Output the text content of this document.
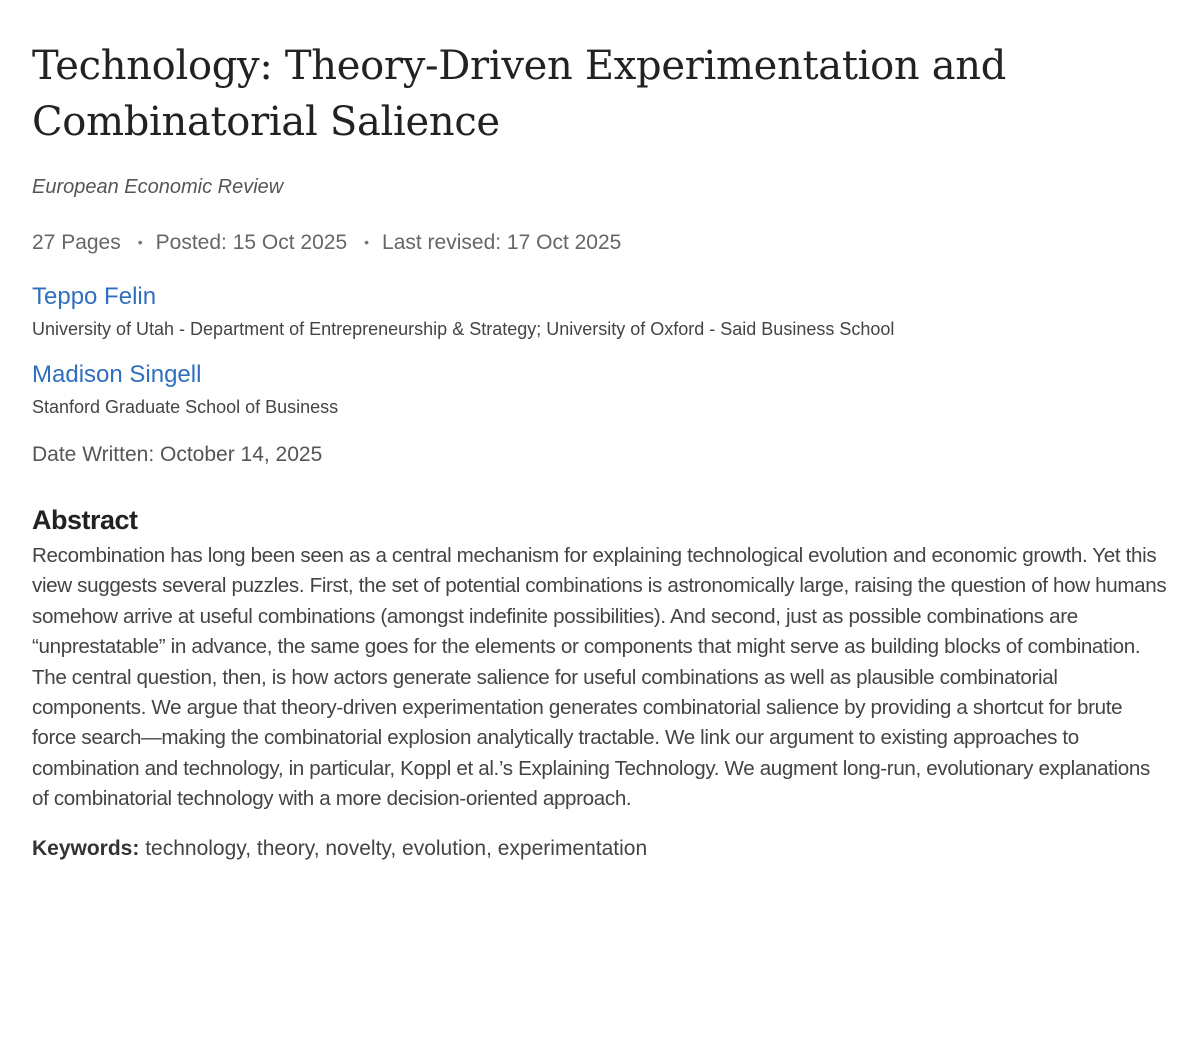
Technology: Theory-Driven Experimentation and Combinatorial Salience
European Economic Review
27 Pages • Posted: 15 Oct 2025 • Last revised: 17 Oct 2025
Teppo Felin
University of Utah - Department of Entrepreneurship & Strategy; University of Oxford - Said Business School
Madison Singell
Stanford Graduate School of Business
Date Written: October 14, 2025
Abstract
Recombination has long been seen as a central mechanism for explaining technological evolution and economic growth. Yet this view suggests several puzzles. First, the set of potential combinations is astronomically large, raising the question of how humans somehow arrive at useful combinations (amongst indefinite possibilities). And second, just as possible combinations are “unprestatable” in advance, the same goes for the elements or components that might serve as building blocks of combination. The central question, then, is how actors generate salience for useful combinations as well as plausible combinatorial components. We argue that theory-driven experimentation generates combinatorial salience by providing a shortcut for brute force search—making the combinatorial explosion analytically tractable. We link our argument to existing approaches to combination and technology, in particular, Koppl et al.’s Explaining Technology. We augment long-run, evolutionary explanations of combinatorial technology with a more decision-oriented approach.
Keywords: technology, theory, novelty, evolution, experimentation
